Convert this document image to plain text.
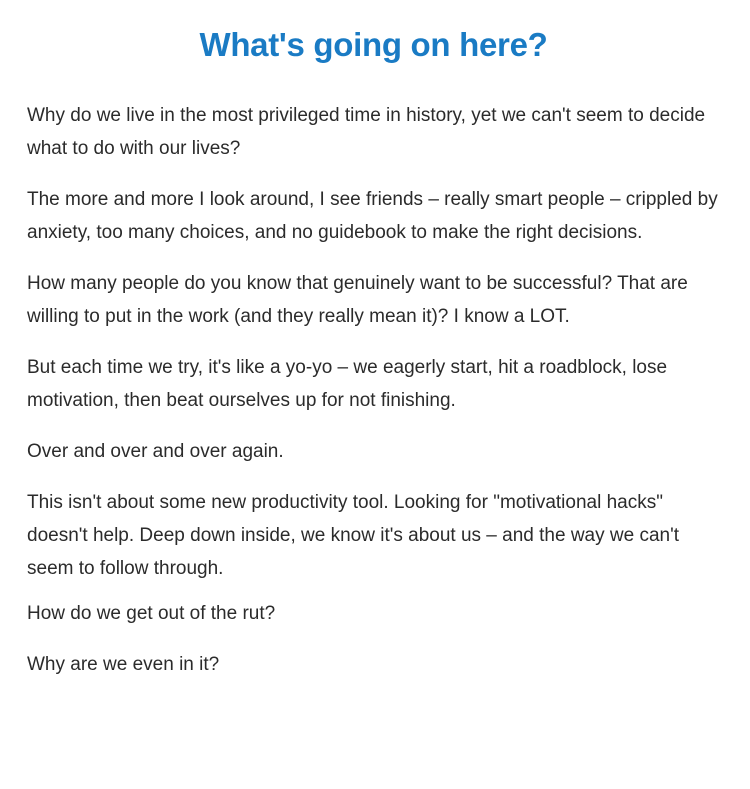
What's going on here?

Why do we live in the most privileged time in history, yet we can't seem to decide what to do with our lives?

The more and more I look around, I see friends – really smart people – crippled by anxiety, too many choices, and no guidebook to make the right decisions.

How many people do you know that genuinely want to be successful? That are willing to put in the work (and they really mean it)? I know a LOT.

But each time we try, it's like a yo-yo – we eagerly start, hit a roadblock, lose motivation, then beat ourselves up for not finishing.

Over and over and over again.

This isn't about some new productivity tool. Looking for "motivational hacks" doesn't help. Deep down inside, we know it's about us – and the way we can't seem to follow through.

How do we get out of the rut?

Why are we even in it?
